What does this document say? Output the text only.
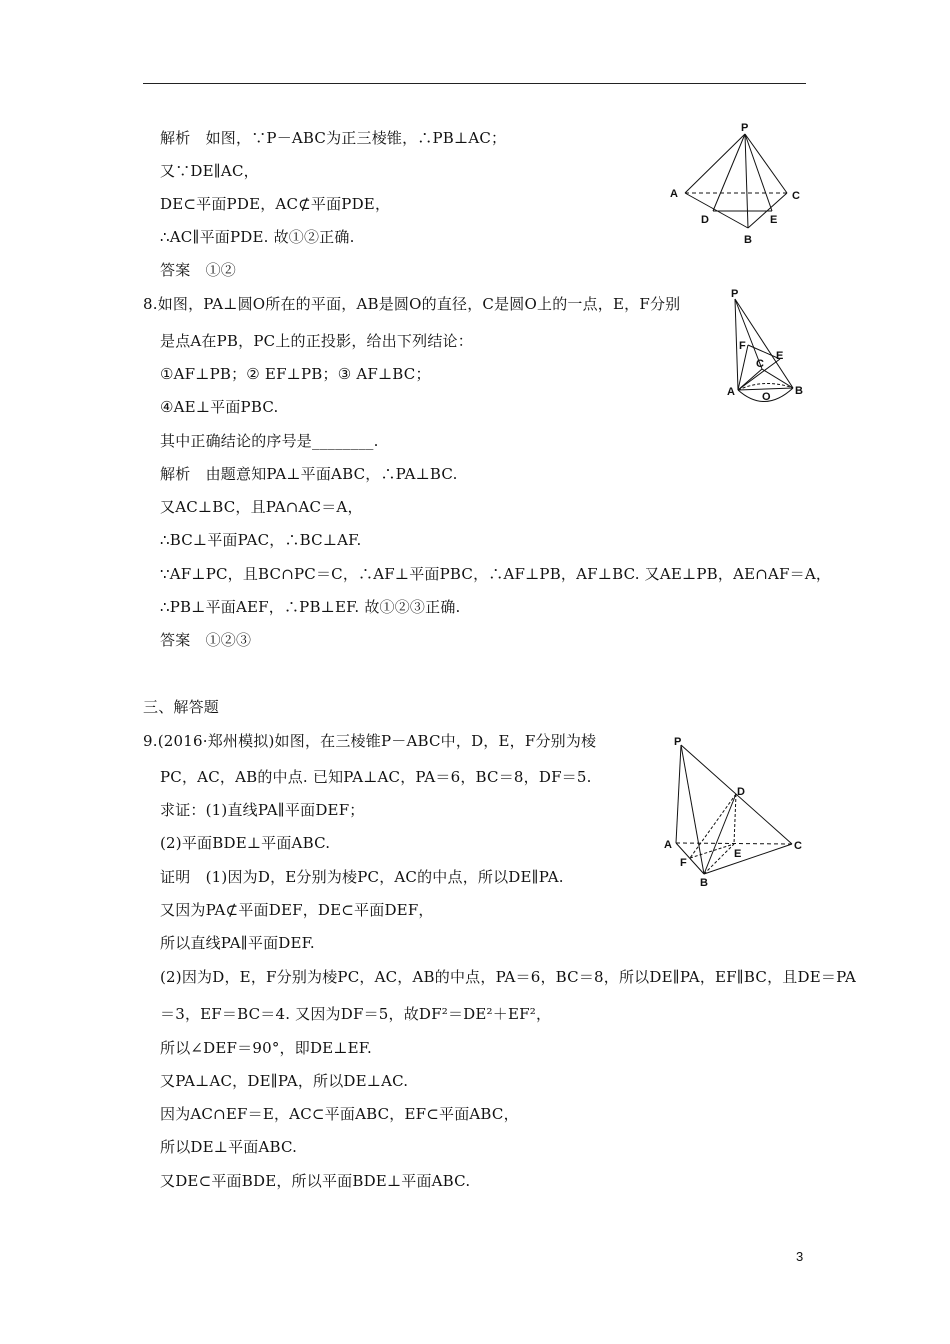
解析　如图，∵P－ABC为正三棱锥，∴PB⊥AC；
又∵DE∥AC，
DE⊂平面PDE，AC⊄平面PDE，
∴AC∥平面PDE. 故①②正确.
答案　①②
P
A	C
D	E
B
8.如图，PA⊥圆O所在的平面，AB是圆O的直径，C是圆O上的一点，E，F分别
是点A在PB，PC上的正投影，给出下列结论：
①AF⊥PB；② EF⊥PB；③ AF⊥BC；
④AE⊥平面PBC.
其中正确结论的序号是________.
解析　由题意知PA⊥平面ABC，∴PA⊥BC.
又AC⊥BC，且PA∩AC＝A，
∴BC⊥平面PAC，∴BC⊥AF.
∵AF⊥PC，且BC∩PC＝C，∴AF⊥平面PBC，∴AF⊥PB，AF⊥BC. 又AE⊥PB，AE∩AF＝A，
∴PB⊥平面AEF，∴PB⊥EF. 故①②③正确.
答案　①②③
P
F
E
C
A O B
三、解答题
9.(2016·郑州模拟)如图，在三棱锥P－ABC中，D，E，F分别为棱
PC，AC，AB的中点. 已知PA⊥AC，PA＝6，BC＝8，DF＝5.
求证：(1)直线PA∥平面DEF；
(2)平面BDE⊥平面ABC.
证明　(1)因为D，E分别为棱PC，AC的中点，所以DE∥PA.
又因为PA⊄平面DEF，DE⊂平面DEF，
所以直线PA∥平面DEF.
(2)因为D，E，F分别为棱PC，AC，AB的中点，PA＝6，BC＝8，所以DE∥PA，EF∥BC，且DE＝PA
＝3，EF＝BC＝4. 又因为DF＝5，故DF²＝DE²＋EF²，
所以∠DEF＝90°，即DE⊥EF.
又PA⊥AC，DE∥PA，所以DE⊥AC.
因为AC∩EF＝E，AC⊂平面ABC，EF⊂平面ABC，
所以DE⊥平面ABC.
又DE⊂平面BDE，所以平面BDE⊥平面ABC.
P
D
A
E
C
F
B
3
